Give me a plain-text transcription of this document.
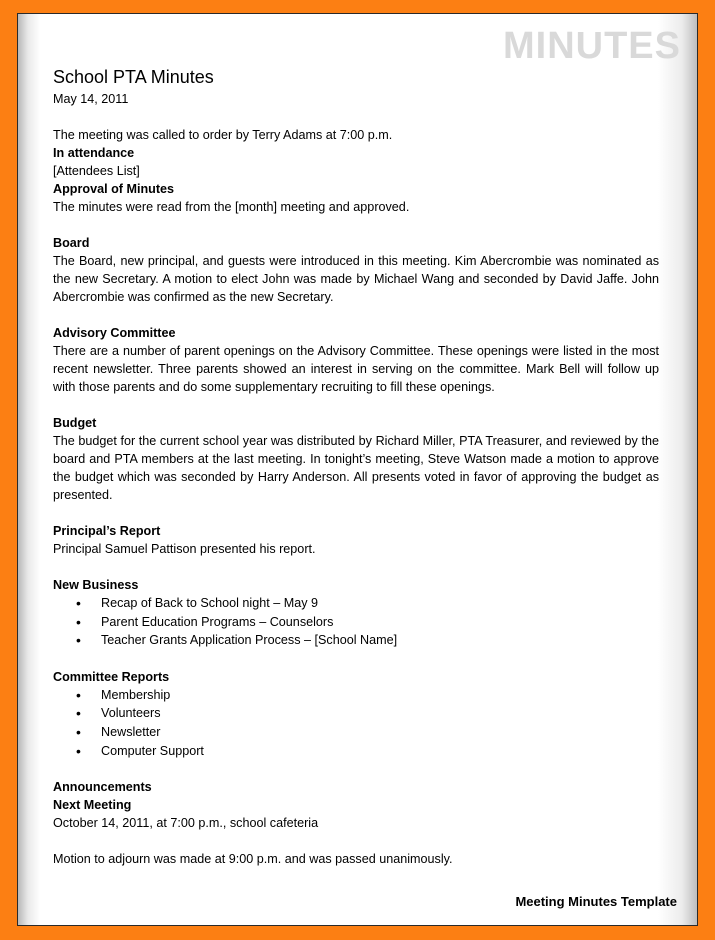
MINUTES
School PTA Minutes

May 14, 2011

The meeting was called to order by Terry Adams at 7:00 p.m.

In attendance

[Attendees List]

Approval of Minutes

The minutes were read from the [month] meeting and approved.

Board

The Board, new principal, and guests were introduced in this meeting. Kim Abercrombie was nominated as the new Secretary. A motion to elect John was made by Michael Wang and seconded by David Jaffe. John Abercrombie was confirmed as the new Secretary.

Advisory Committee

There are a number of parent openings on the Advisory Committee. These openings were listed in the most recent newsletter. Three parents showed an interest in serving on the committee. Mark Bell will follow up with those parents and do some supplementary recruiting to fill these openings.

Budget

The budget for the current school year was distributed by Richard Miller, PTA Treasurer, and reviewed by the board and PTA members at the last meeting. In tonight’s meeting, Steve Watson made a motion to approve the budget which was seconded by Harry Anderson. All presents voted in favor of approving the budget as presented.

Principal’s Report

Principal Samuel Pattison presented his report.

New Business

• Recap of Back to School night – May 9
• Parent Education Programs – Counselors
• Teacher Grants Application Process – [School Name]

Committee Reports

• Membership
• Volunteers
• Newsletter
• Computer Support

Announcements

Next Meeting

October 14, 2011, at 7:00 p.m., school cafeteria

Motion to adjourn was made at 9:00 p.m. and was passed unanimously.

Meeting Minutes Template
